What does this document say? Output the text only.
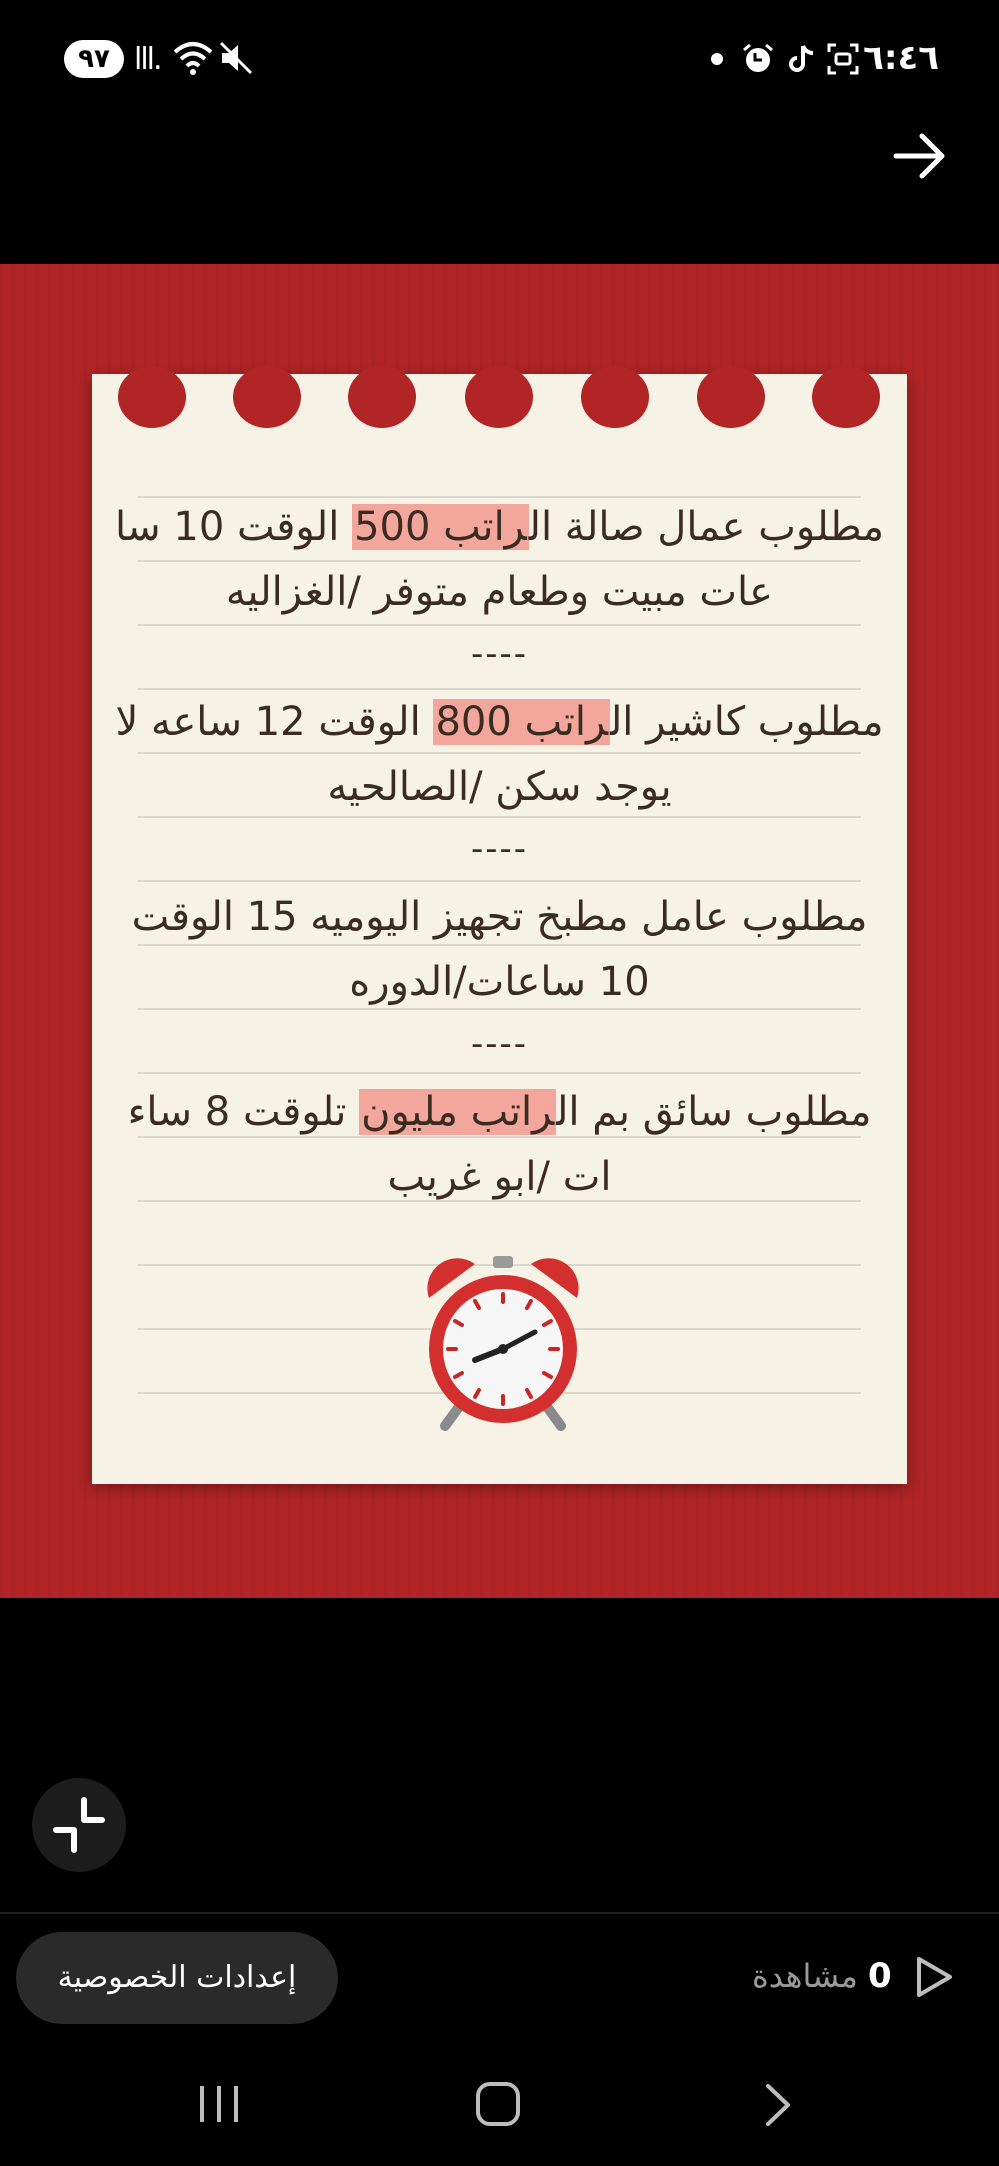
٩٧ lll.	٦:٤٦
مطلوب عمال صالة الراتب 500 الوقت 10 سا
عات مبيت وطعام متوفر /الغزاليه
----
مطلوب كاشير الراتب 800 الوقت 12 ساعه لا
يوجد سكن /الصالحيه
----
مطلوب عامل مطبخ تجهيز اليوميه 15 الوقت
10 ساعات/الدوره
----
مطلوب سائق بم الراتب مليون تلوقت 8 ساء
ات /ابو غريب
إعدادات الخصوصية	0 مشاهدة
